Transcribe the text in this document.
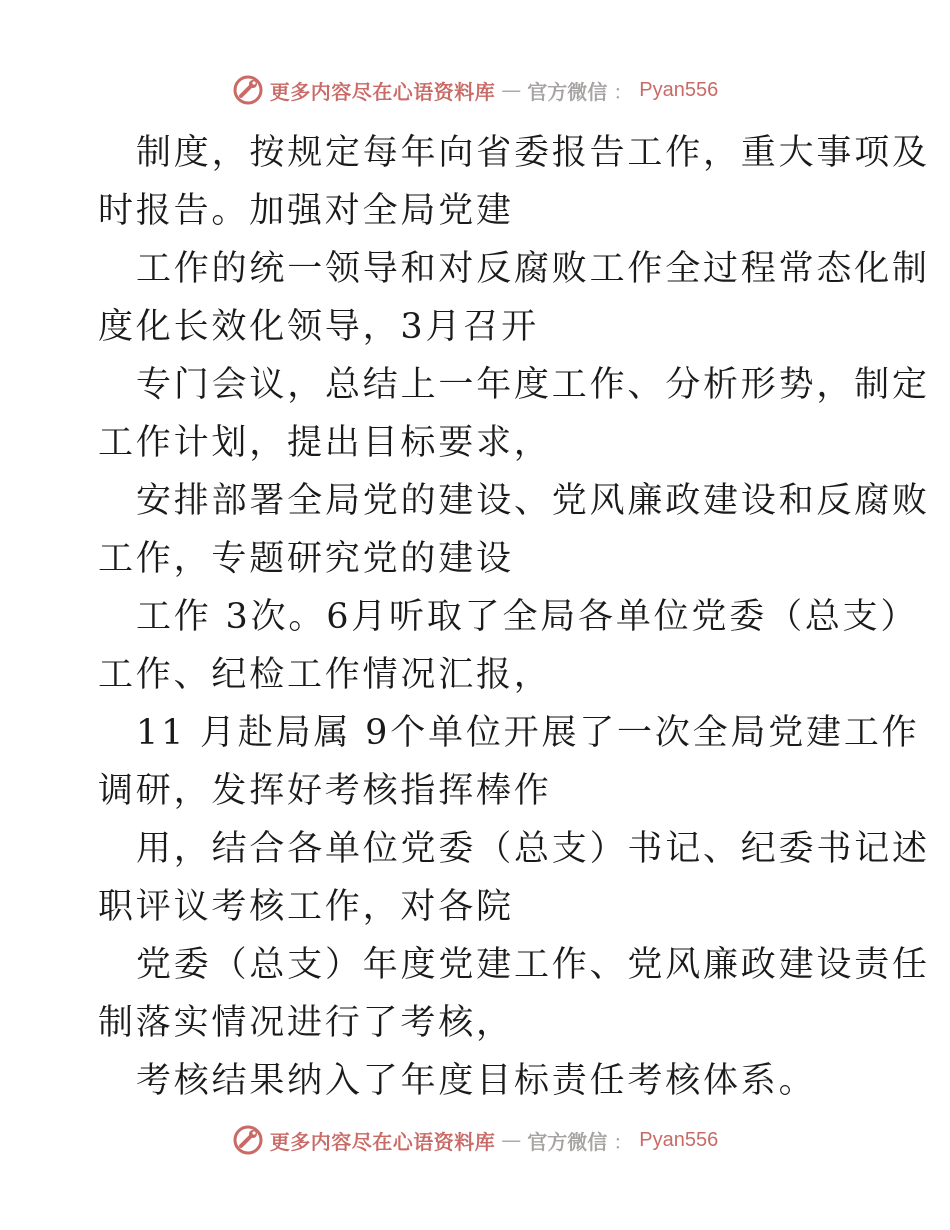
更多内容尽在心语资料库 — 官方微信 ： Pyan556

制度，按规定每年向省委报告工作，重大事项及
时报告。加强对全局党建

工作的统一领导和对反腐败工作全过程常态化制
度化长效化领导，3月召开

专门会议，总结上一年度工作、分析形势，制定
工作计划，提出目标要求，

安排部署全局党的建设、党风廉政建设和反腐败
工作，专题研究党的建设

工作 3次。6月听取了全局各单位党委（总支）
工作、纪检工作情况汇报，

11 月赴局属 9个单位开展了一次全局党建工作
调研，发挥好考核指挥棒作

用，结合各单位党委（总支）书记、纪委书记述
职评议考核工作，对各院

党委（总支）年度党建工作、党风廉政建设责任
制落实情况进行了考核，

考核结果纳入了年度目标责任考核体系。

更多内容尽在心语资料库 — 官方微信 ： Pyan556
